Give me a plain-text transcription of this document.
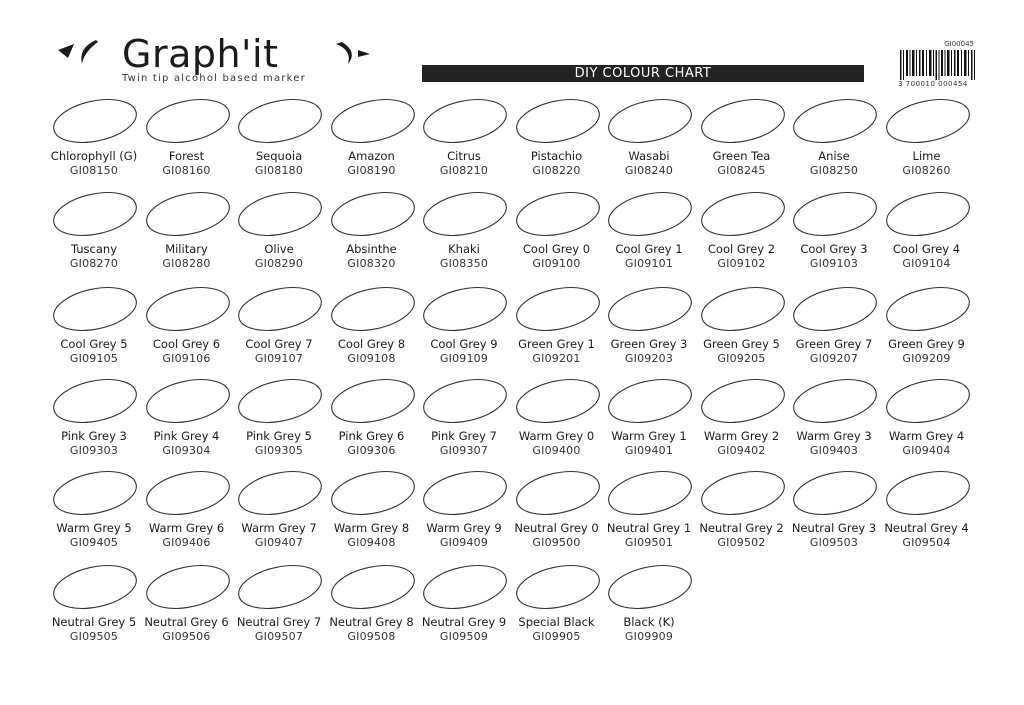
Graph'it
Twin tip alcohol based marker	DIY COLOUR CHART
GI00045
3 700010 000454
Chlorophyll (G)
GI08150
Forest
GI08160
Sequoia
GI08180
Amazon
GI08190
Citrus
GI08210
Pistachio
GI08220
Wasabi
GI08240
Green Tea
GI08245
Anise
GI08250
Lime
GI08260
Tuscany
GI08270
Military
GI08280
Olive
GI08290
Absinthe
GI08320
Khaki
GI08350
Cool Grey 0
GI09100
Cool Grey 1
GI09101
Cool Grey 2
GI09102
Cool Grey 3
GI09103
Cool Grey 4
GI09104
Cool Grey 5
GI09105
Cool Grey 6
GI09106
Cool Grey 7
GI09107
Cool Grey 8
GI09108
Cool Grey 9
GI09109
Green Grey 1
GI09201
Green Grey 3
GI09203
Green Grey 5
GI09205
Green Grey 7
GI09207
Green Grey 9
GI09209
Pink Grey 3
GI09303
Pink Grey 4
GI09304
Pink Grey 5
GI09305
Pink Grey 6
GI09306
Pink Grey 7
GI09307
Warm Grey 0
GI09400
Warm Grey 1
GI09401
Warm Grey 2
GI09402
Warm Grey 3
GI09403
Warm Grey 4
GI09404
Warm Grey 5
GI09405
Warm Grey 6
GI09406
Warm Grey 7
GI09407
Warm Grey 8
GI09408
Warm Grey 9
GI09409
Neutral Grey 0
GI09500
Neutral Grey 1
GI09501
Neutral Grey 2
GI09502
Neutral Grey 3
GI09503
Neutral Grey 4
GI09504
Neutral Grey 5
GI09505
Neutral Grey 6
GI09506
Neutral Grey 7
GI09507
Neutral Grey 8
GI09508
Neutral Grey 9
GI09509
Special Black
GI09905
Black (K)
GI09909
